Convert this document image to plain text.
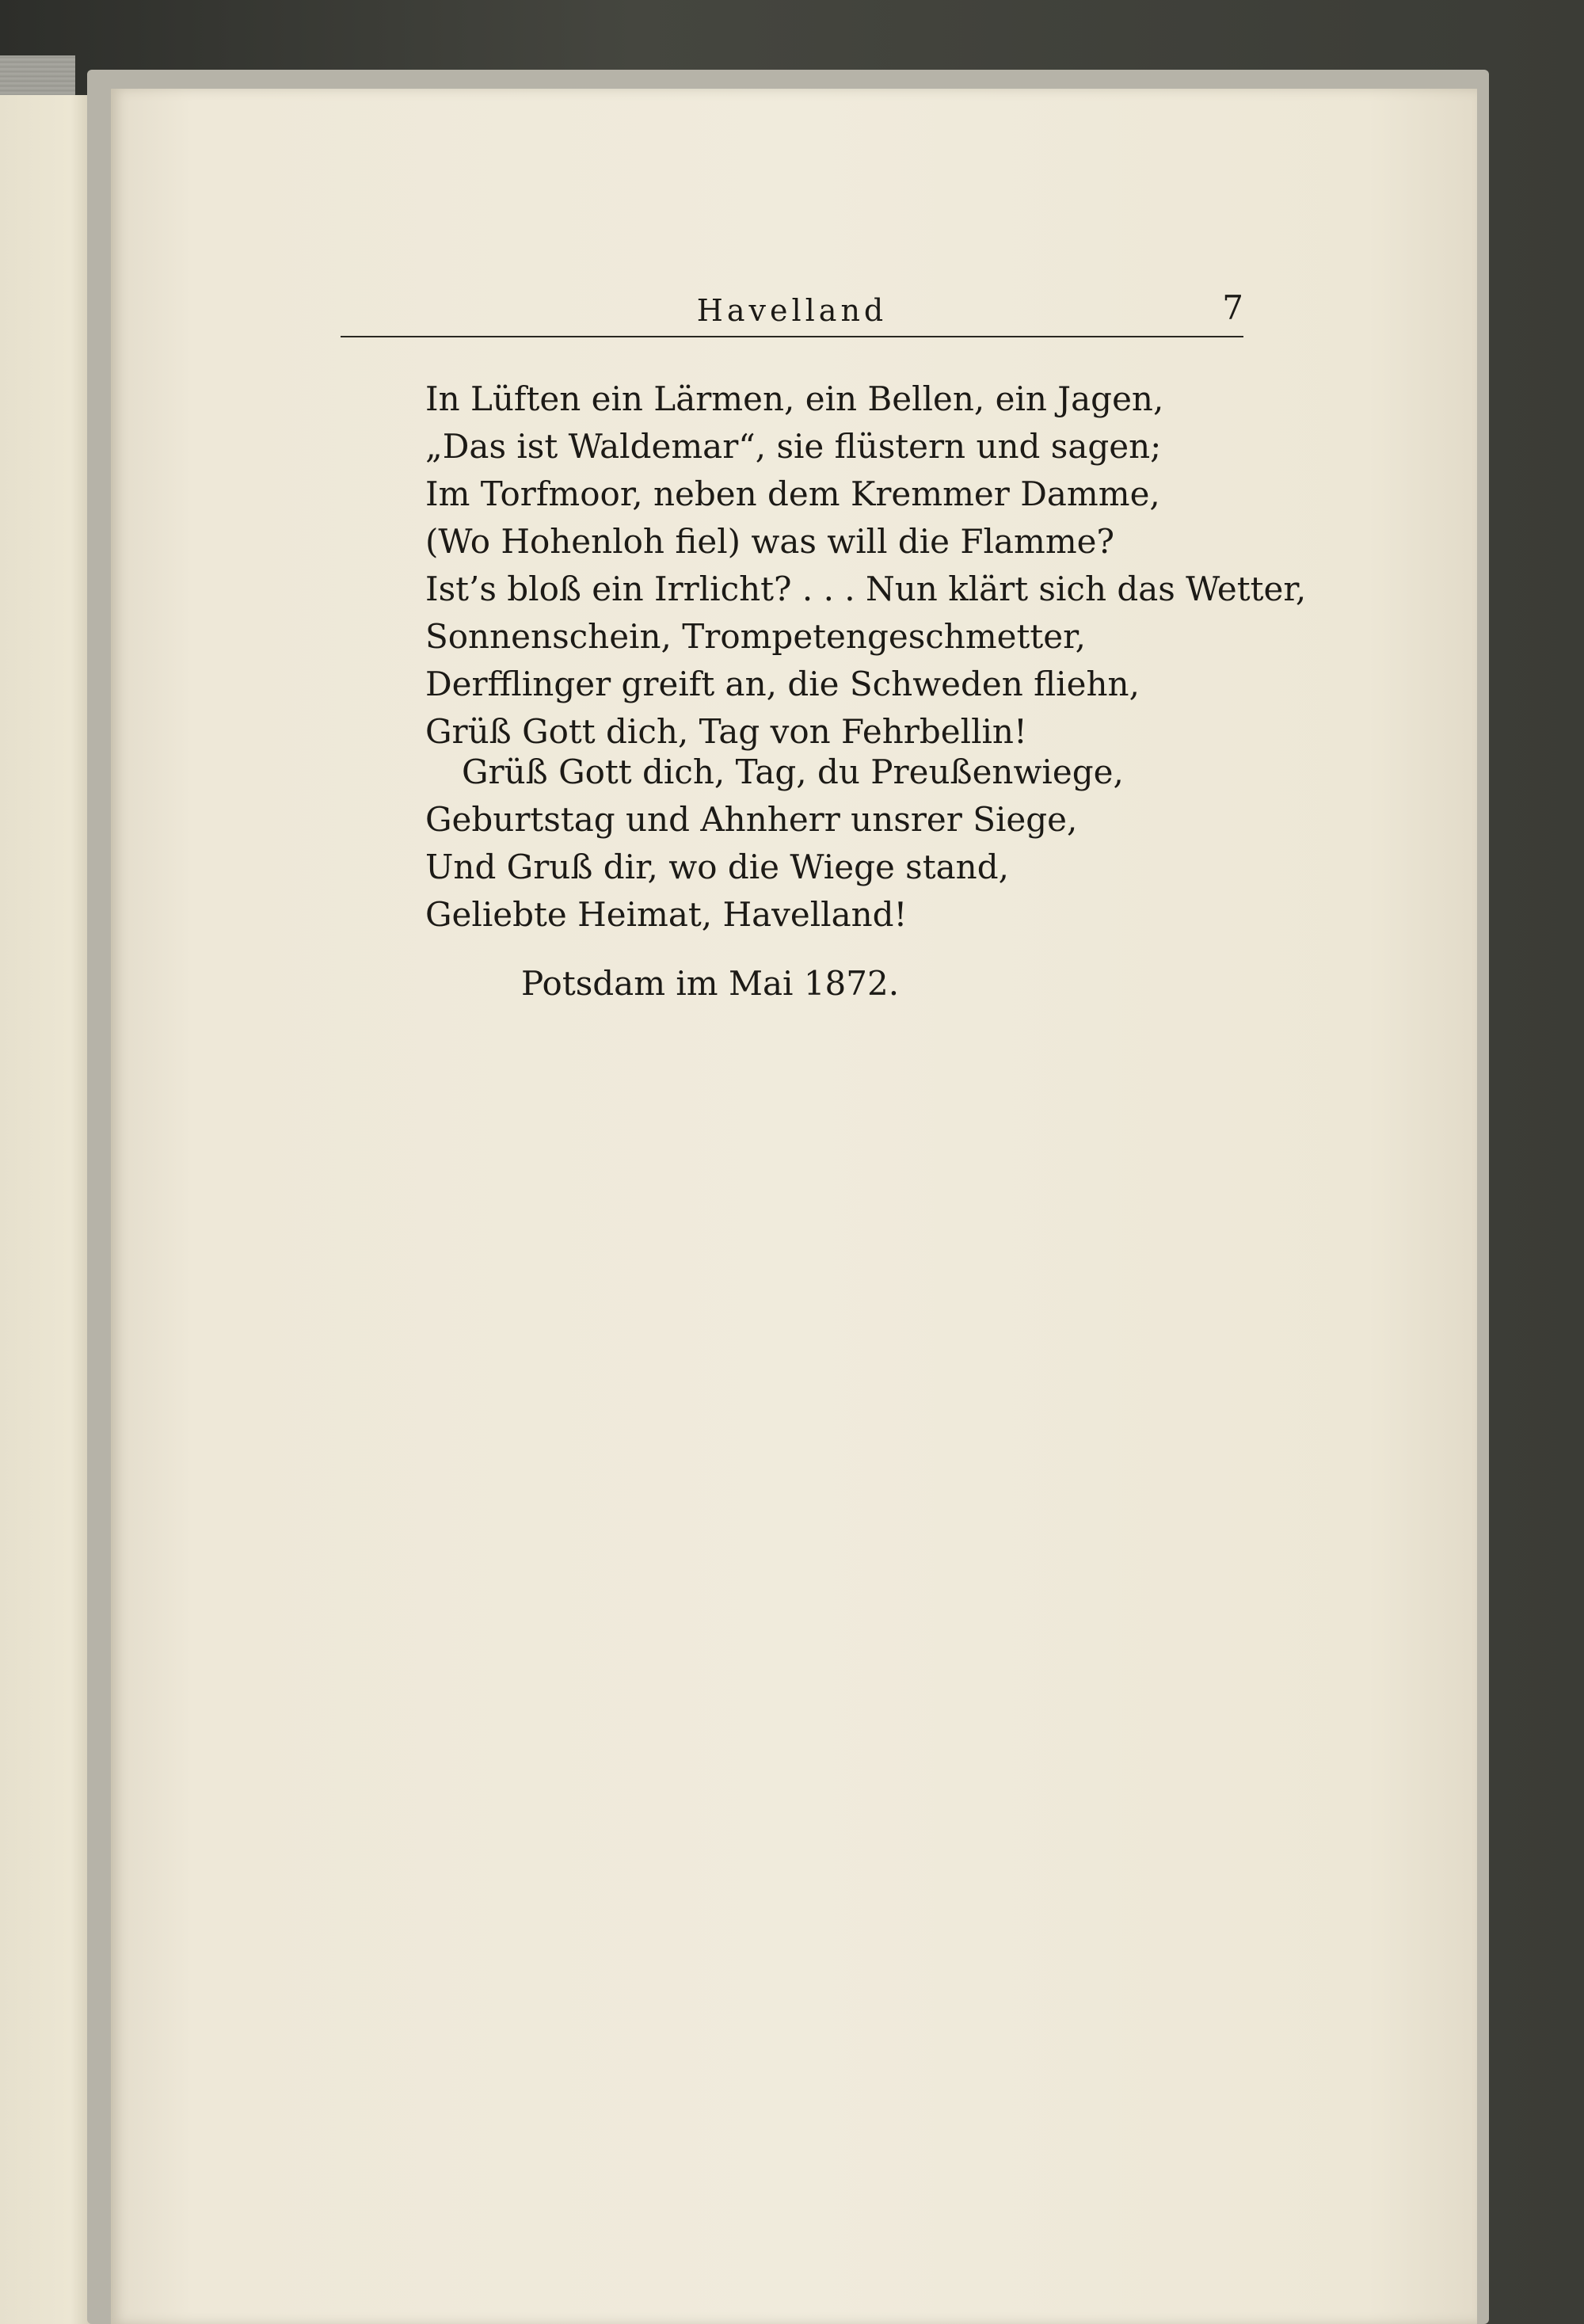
Havelland	7
In Lüften ein Lärmen, ein Bellen, ein Jagen,
„Das ist Waldemar“, sie flüstern und sagen;
Im Torfmoor, neben dem Kremmer Damme,
(Wo Hohenloh fiel) was will die Flamme?
Ist’s bloß ein Irrlicht? . . . Nun klärt sich das Wetter,
Sonnenschein, Trompetengeschmetter,
Derfflinger greift an, die Schweden fliehn,
Grüß Gott dich, Tag von Fehrbellin!
Grüß Gott dich, Tag, du Preußenwiege,
Geburtstag und Ahnherr unsrer Siege,
Und Gruß dir, wo die Wiege stand,
Geliebte Heimat, Havelland!
Potsdam im Mai 1872.
